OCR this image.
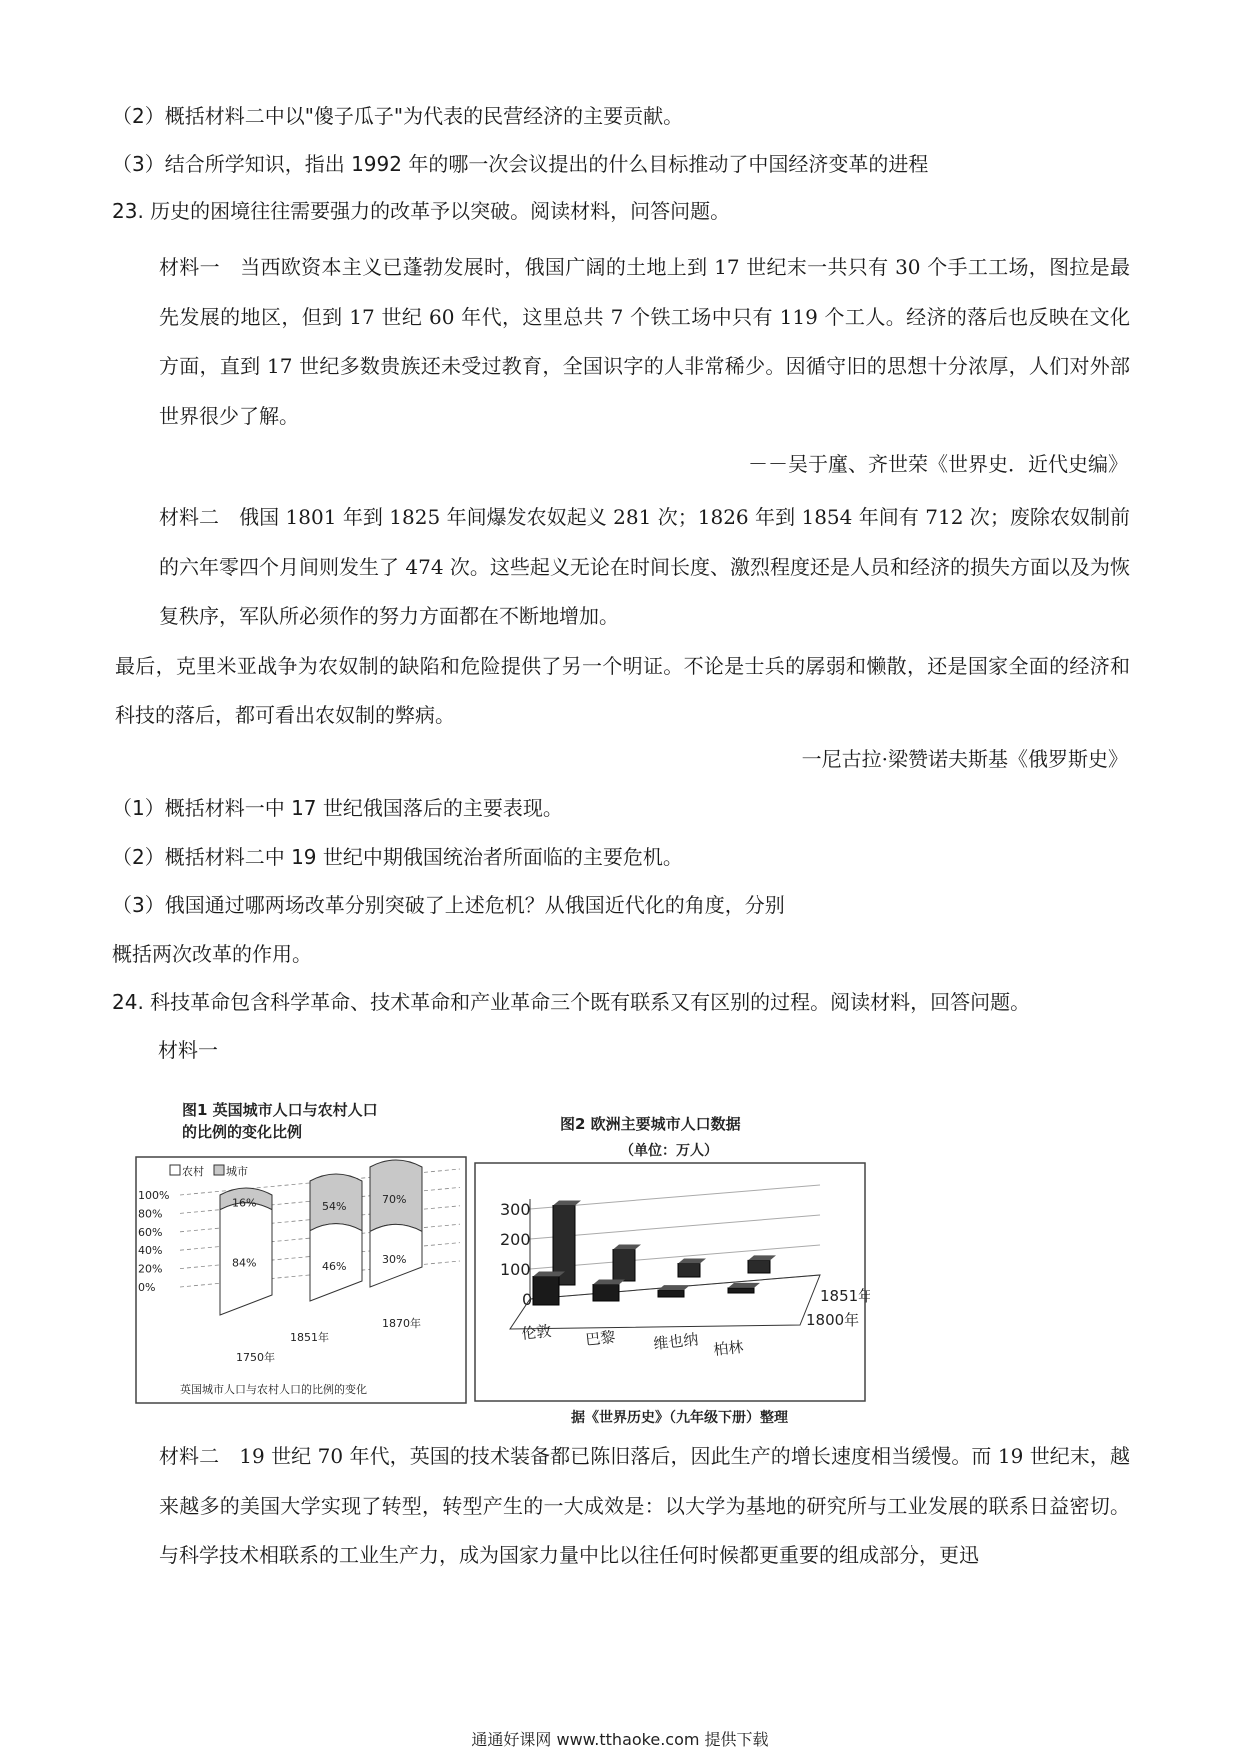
（2）概括材料二中以"傻子瓜子"为代表的民营经济的主要贡献。
（3）结合所学知识，指出 1992 年的哪一次会议提出的什么目标推动了中国经济变革的进程
23. 历史的困境往往需要强力的改革予以突破。阅读材料，问答问题。
材料一　当西欧资本主义已蓬勃发展时，俄国广阔的土地上到 17 世纪末一共只有 30 个手工工场，图拉是最先发展的地区，但到 17 世纪 60 年代，这里总共 7 个铁工场中只有 119 个工人。经济的落后也反映在文化方面，直到 17 世纪多数贵族还未受过教育，全国识字的人非常稀少。因循守旧的思想十分浓厚，人们对外部世界很少了解。
－－吴于廑、齐世荣《世界史．近代史编》
材料二　俄国 1801 年到 1825 年间爆发农奴起义 281 次；1826 年到 1854 年间有 712 次；废除农奴制前的六年零四个月间则发生了 474 次。这些起义无论在时间长度、激烈程度还是人员和经济的损失方面以及为恢复秩序，军队所必须作的努力方面都在不断地增加。
最后，克里米亚战争为农奴制的缺陷和危险提供了另一个明证。不论是士兵的孱弱和懒散，还是国家全面的经济和科技的落后，都可看出农奴制的弊病。
一尼古拉·梁赞诺夫斯基《俄罗斯史》
（1）概括材料一中 17 世纪俄国落后的主要表现。
（2）概括材料二中 19 世纪中期俄国统治者所面临的主要危机。
（3）俄国通过哪两场改革分别突破了上述危机？从俄国近代化的角度，分别
概括两次改革的作用。
24. 科技革命包含科学革命、技术革命和产业革命三个既有联系又有区别的过程。阅读材料，回答问题。
材料一
图1 英国城市人口与农村人口
的比例的变化比例
农村 城市
100%
80%
60%
40%
20%
0%
16%
84%
1750年
54%
46%
1851年
70%
30%
1870年
英国城市人口与农村人口的比例的变化
图2 欧洲主要城市人口数据
（单位：万人）
300
200
100
0
伦敦 巴黎 维也纳 柏林
1851年
1800年
据《世界历史》（九年级下册）整理
材料二　19 世纪 70 年代，英国的技术装备都已陈旧落后，因此生产的增长速度相当缓慢。而 19 世纪末，越来越多的美国大学实现了转型，转型产生的一大成效是：以大学为基地的研究所与工业发展的联系日益密切。与科学技术相联系的工业生产力，成为国家力量中比以往任何时候都更重要的组成部分，更迅
通通好课网 www.tthaoke.com 提供下载
